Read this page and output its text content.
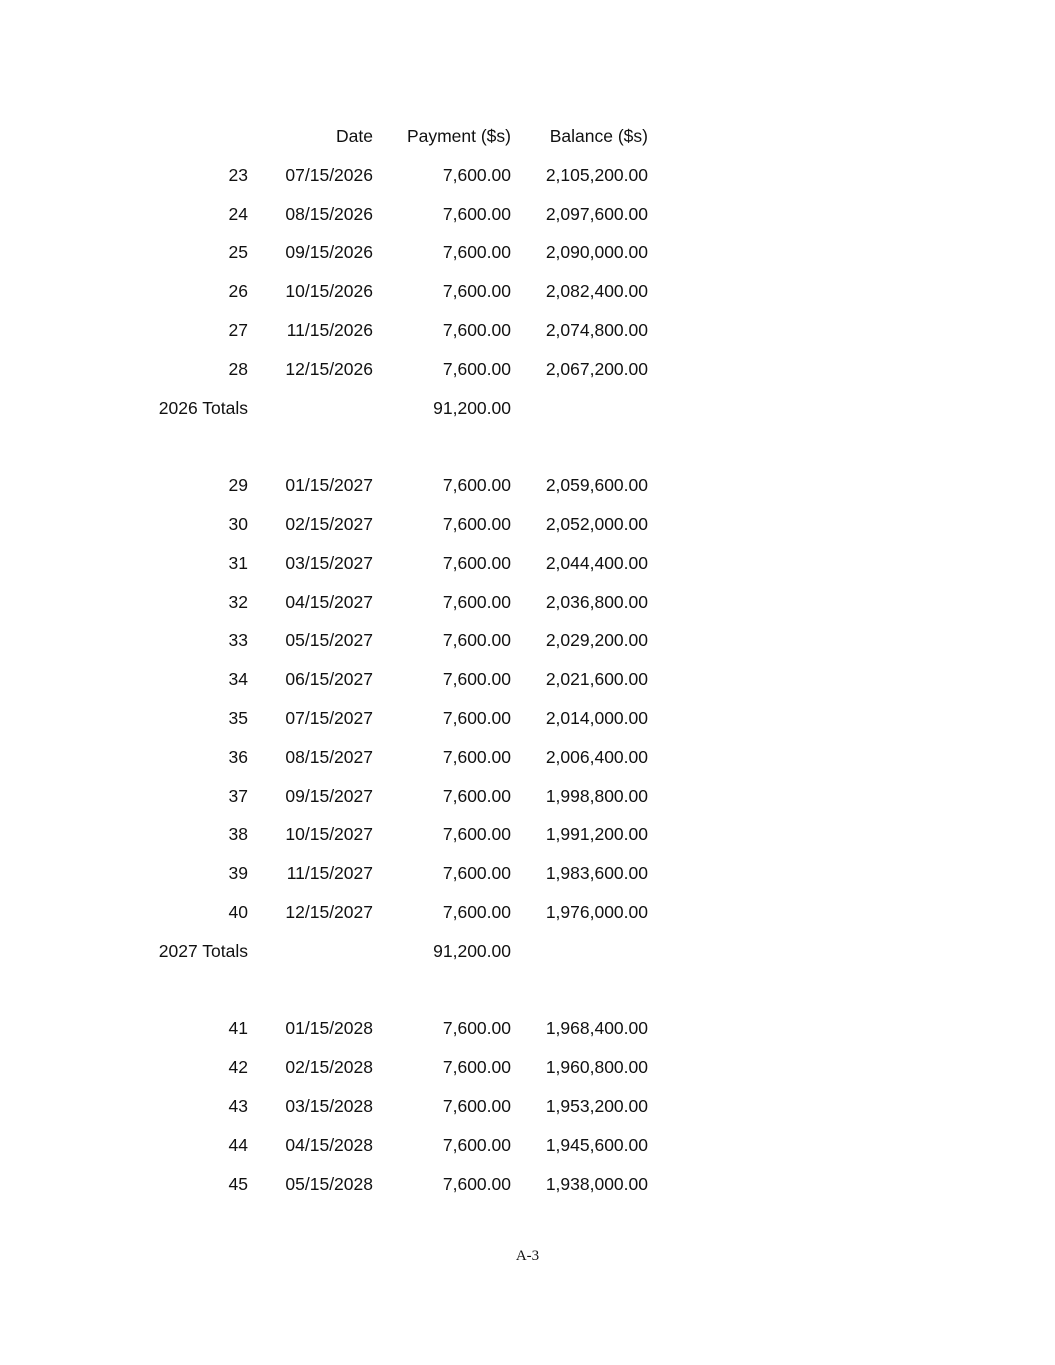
Date Payment ($s) Balance ($s)
23 07/15/2026	7,600.00 2,105,200.00
24 08/15/2026	7,600.00 2,097,600.00
25 09/15/2026	7,600.00 2,090,000.00
26 10/15/2026	7,600.00 2,082,400.00
27 11/15/2026	7,600.00 2,074,800.00
28 12/15/2026	7,600.00 2,067,200.00
2026 Totals	91,200.00
29 01/15/2027	7,600.00 2,059,600.00
30 02/15/2027	7,600.00 2,052,000.00
31 03/15/2027	7,600.00 2,044,400.00
32 04/15/2027	7,600.00 2,036,800.00
33 05/15/2027	7,600.00 2,029,200.00
34 06/15/2027	7,600.00 2,021,600.00
35 07/15/2027	7,600.00 2,014,000.00
36 08/15/2027	7,600.00 2,006,400.00
37 09/15/2027	7,600.00 1,998,800.00
38 10/15/2027	7,600.00 1,991,200.00
39 11/15/2027	7,600.00 1,983,600.00
40 12/15/2027	7,600.00 1,976,000.00
2027 Totals	91,200.00
41 01/15/2028	7,600.00 1,968,400.00
42 02/15/2028	7,600.00 1,960,800.00
43 03/15/2028	7,600.00 1,953,200.00
44 04/15/2028	7,600.00 1,945,600.00
45 05/15/2028	7,600.00 1,938,000.00
A-3
